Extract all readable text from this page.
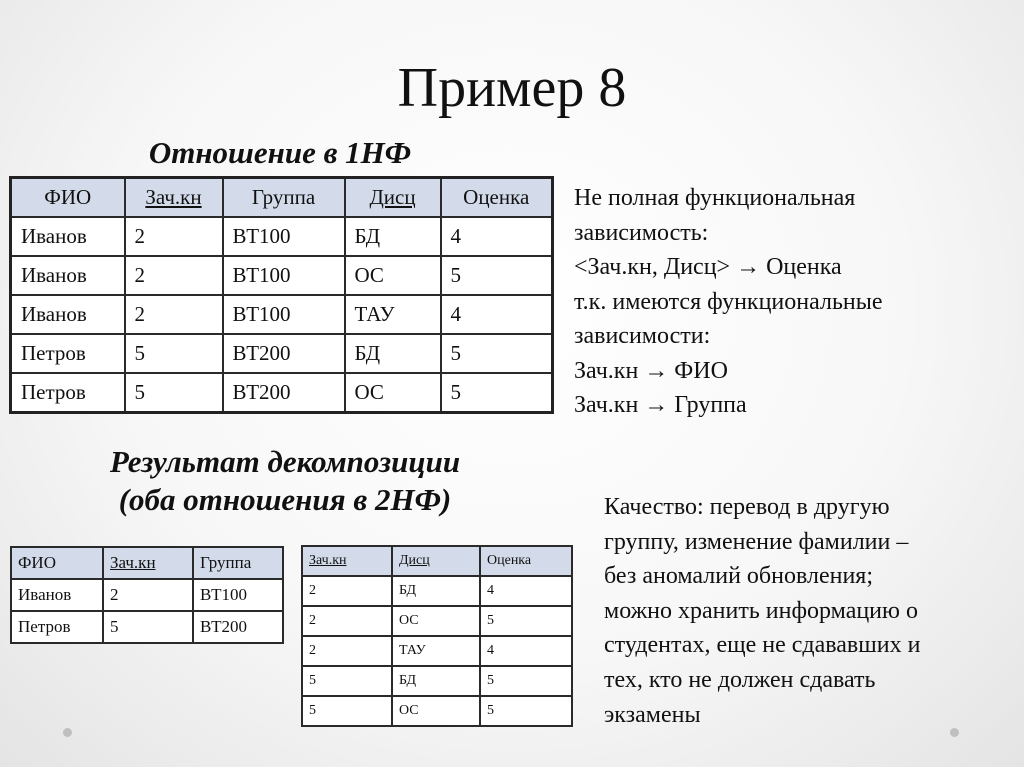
Пример 8
Отношение в 1НФ
ФИО	Зач.кн	Группа	Дисц	Оценка
Иванов	2	ВТ100	БД	4
Иванов	2	ВТ100	ОС	5
Иванов	2	ВТ100	ТАУ	4
Петров	5	ВТ200	БД	5
Петров	5	ВТ200	ОС	5
Не полная функциональная
зависимость:
<Зач.кн, Дисц> → Оценка
т.к. имеются функциональные
зависимости:
Зач.кн → ФИО
Зач.кн → Группа
Результат декомпозиции
(оба отношения в 2НФ)
ФИО	Зач.кн	Группа
Иванов	2	ВТ100
Петров	5	ВТ200
Зач.кн	Дисц	Оценка
2	БД	4
2	ОС	5
2	ТАУ	4
5	БД	5
5	ОС	5
Качество: перевод в другую
группу, изменение фамилии –
без аномалий обновления;
можно хранить информацию о
студентах, еще не сдававших и
тех, кто не должен сдавать
экзамены
